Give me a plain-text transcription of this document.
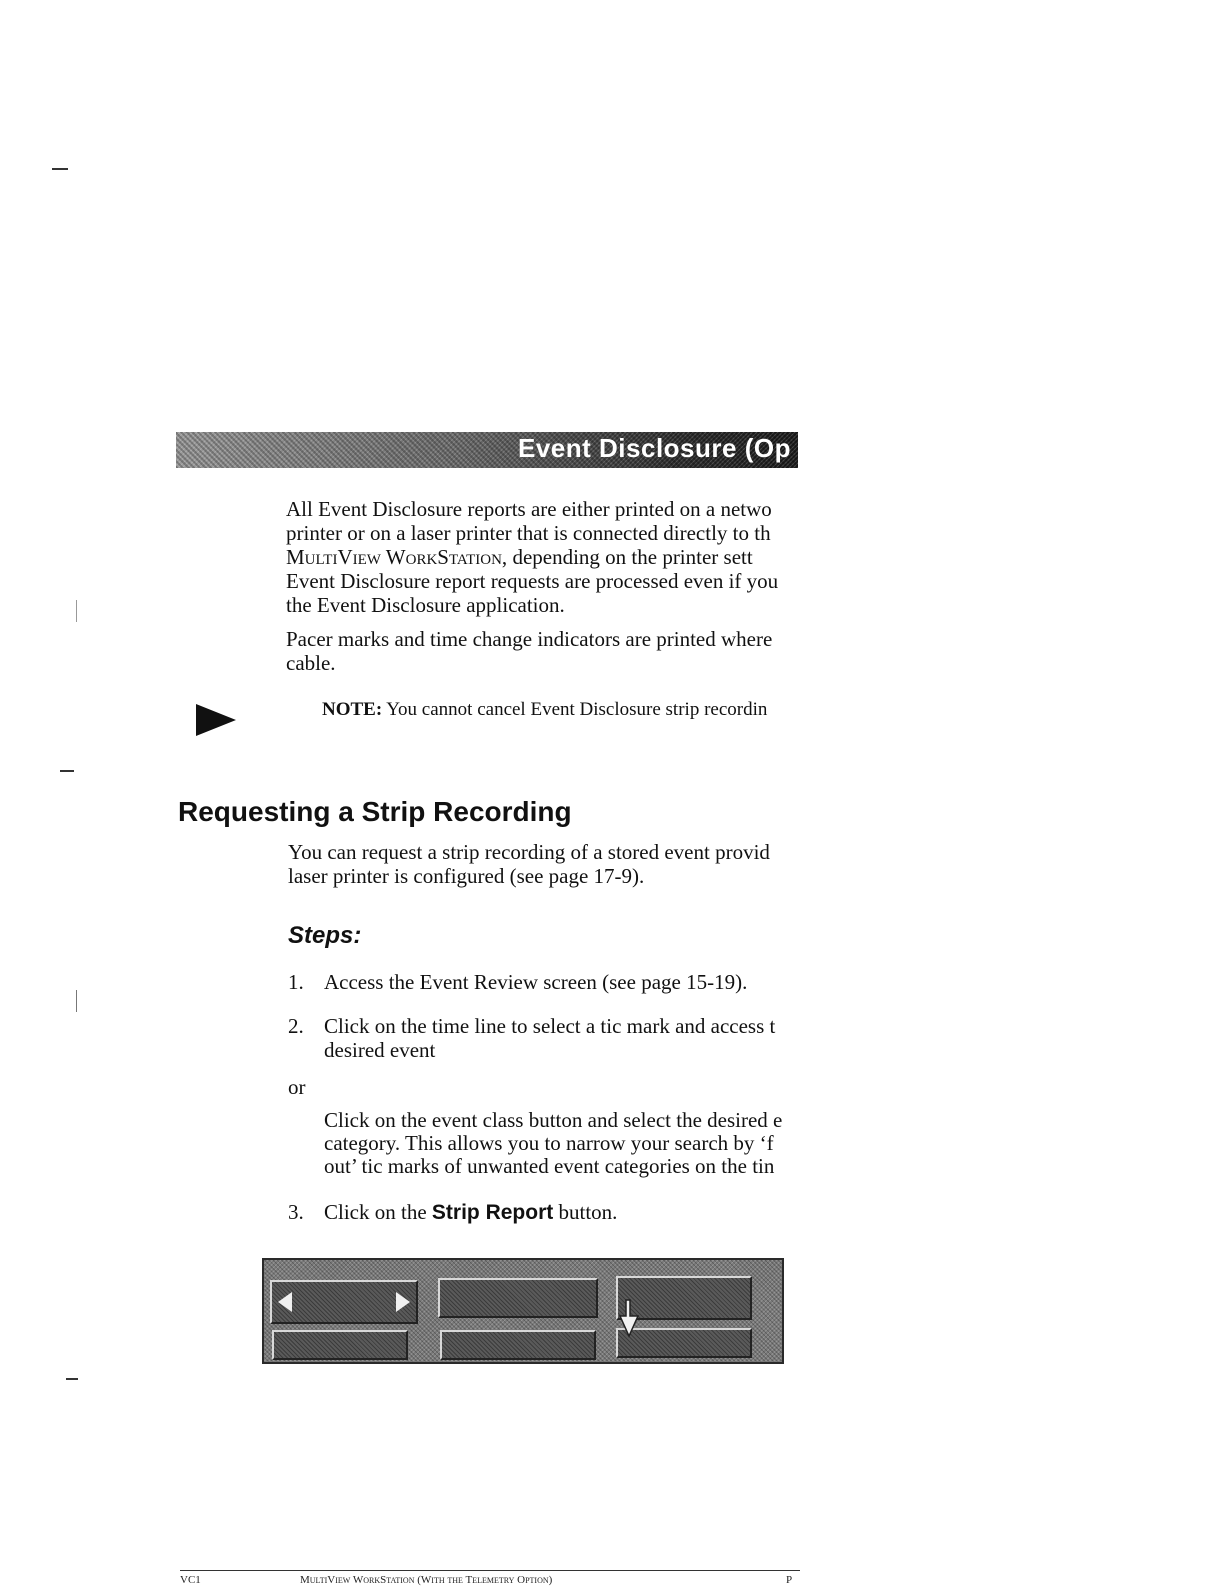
Event Disclosure (Op
All Event Disclosure reports are either printed on a netwo
printer or on a laser printer that is connected directly to th
MultiView WorkStation, depending on the printer sett
Event Disclosure report requests are processed even if you
the Event Disclosure application.
Pacer marks and time change indicators are printed where
cable.
NOTE: You cannot cancel Event Disclosure strip recordin
Requesting a Strip Recording
You can request a strip recording of a stored event provid
laser printer is configured (see page 17-9).
Steps:
1. Access the Event Review screen (see page 15-19).
2. Click on the time line to select a tic mark and access t
desired event
or
Click on the event class button and select the desired e
category. This allows you to narrow your search by ‘f
out’ tic marks of unwanted event categories on the tin
3. Click on the Strip Report button.
VC1	MultiView WorkStation (With the Telemetry Option)	P
